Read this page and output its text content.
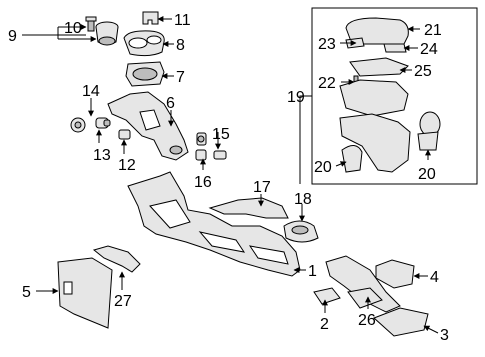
9	10	11
8
7
6
14
13
12
15
16	17
18
1
2 26
4
3
5
27
19
21
23	24
25
22
20	20
